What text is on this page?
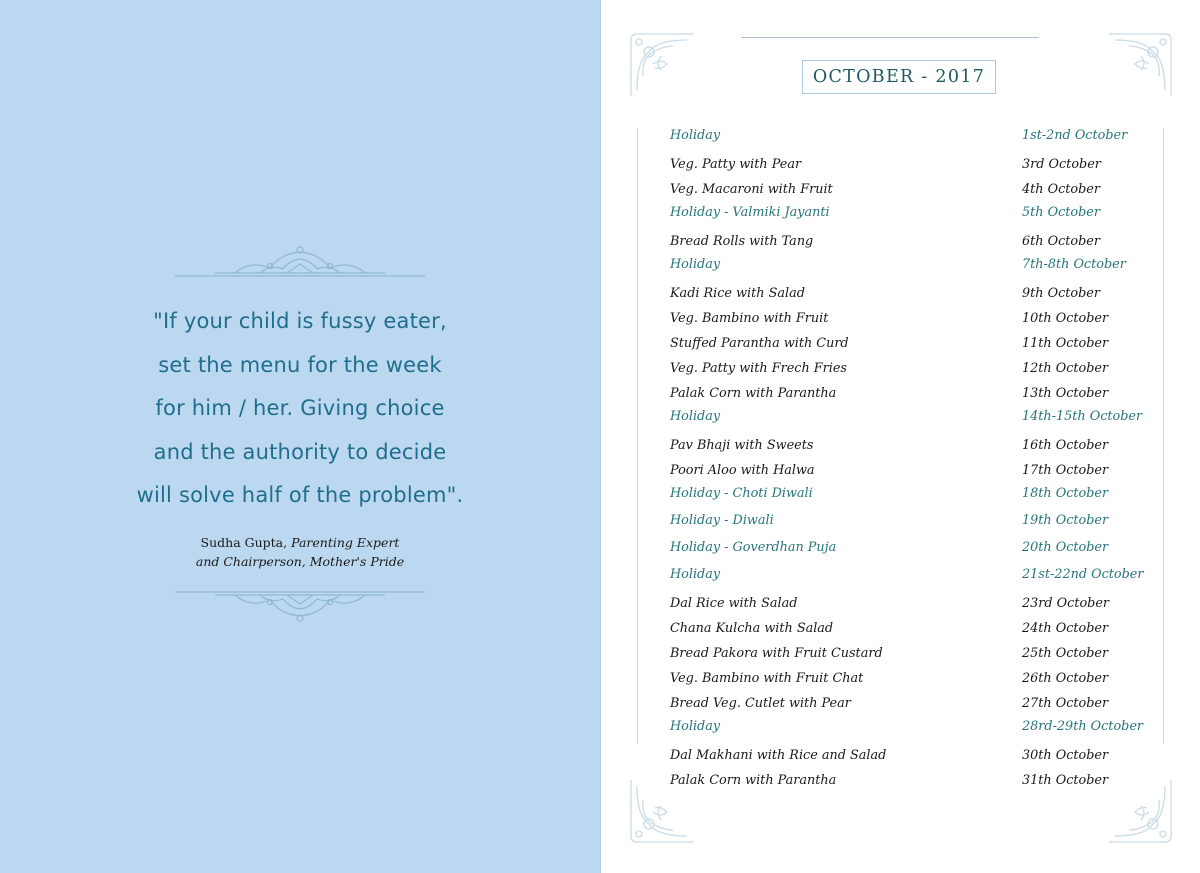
"If your child is fussy eater,
set the menu for the week
for him / her. Giving choice
and the authority to decide
will solve half of the problem".
Sudha Gupta, Parenting Expert
and Chairperson, Mother's Pride
OCTOBER - 2017
Holiday	1st-2nd October
Veg. Patty with Pear	3rd October
Veg. Macaroni with Fruit	4th October
Holiday - Valmiki Jayanti	5th October
Bread Rolls with Tang	6th October
Holiday	7th-8th October
Kadi Rice with Salad	9th October
Veg. Bambino with Fruit	10th October
Stuffed Parantha with Curd	11th October
Veg. Patty with Frech Fries	12th October
Palak Corn with Parantha	13th October
Holiday	14th-15th October
Pav Bhaji with Sweets	16th October
Poori Aloo with Halwa	17th October
Holiday - Choti Diwali	18th October
Holiday - Diwali	19th October
Holiday - Goverdhan Puja	20th October
Holiday	21st-22nd October
Dal Rice with Salad	23rd October
Chana Kulcha with Salad	24th October
Bread Pakora with Fruit Custard	25th October
Veg. Bambino with Fruit Chat	26th October
Bread Veg. Cutlet with Pear	27th October
Holiday	28rd-29th October
Dal Makhani with Rice and Salad	30th October
Palak Corn with Parantha	31th October
